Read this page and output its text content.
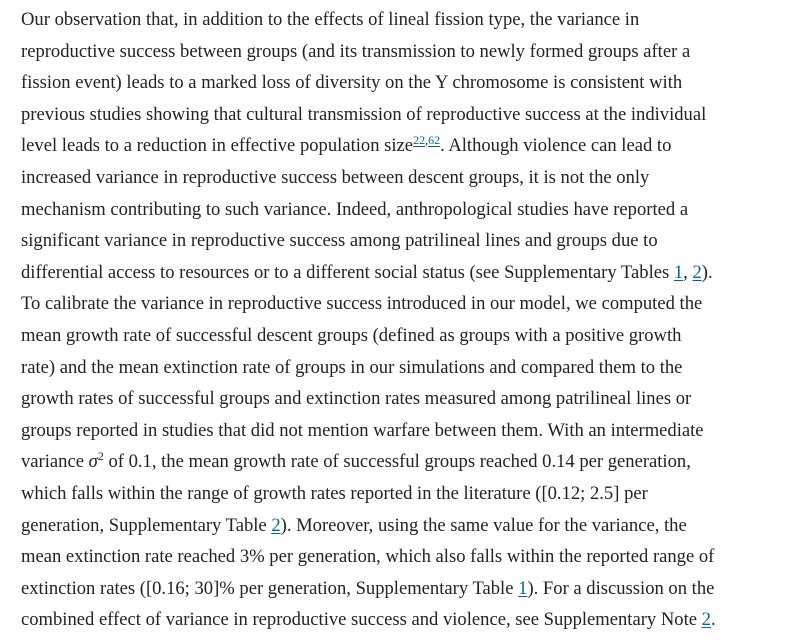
Our observation that, in addition to the effects of lineal fission type, the variance in
reproductive success between groups (and its transmission to newly formed groups after a
fission event) leads to a marked loss of diversity on the Y chromosome is consistent with
previous studies showing that cultural transmission of reproductive success at the individual
level leads to a reduction in effective population size$^{22,62}$. Although violence can lead to
increased variance in reproductive success between descent groups, it is not the only
mechanism contributing to such variance. Indeed, anthropological studies have reported a
significant variance in reproductive success among patrilineal lines and groups due to
differential access to resources or to a different social status (see Supplementary Tables 1, 2).
To calibrate the variance in reproductive success introduced in our model, we computed the
mean growth rate of successful descent groups (defined as groups with a positive growth
rate) and the mean extinction rate of groups in our simulations and compared them to the
growth rates of successful groups and extinction rates measured among patrilineal lines or
groups reported in studies that did not mention warfare between them. With an intermediate
variance $\sigma^2$ of 0.1, the mean growth rate of successful groups reached 0.14 per generation,
which falls within the range of growth rates reported in the literature ([0.12; 2.5] per
generation, Supplementary Table 2). Moreover, using the same value for the variance, the
mean extinction rate reached 3% per generation, which also falls within the reported range of
extinction rates ([0.16; 30]% per generation, Supplementary Table 1). For a discussion on the
combined effect of variance in reproductive success and violence, see Supplementary Note 2.
